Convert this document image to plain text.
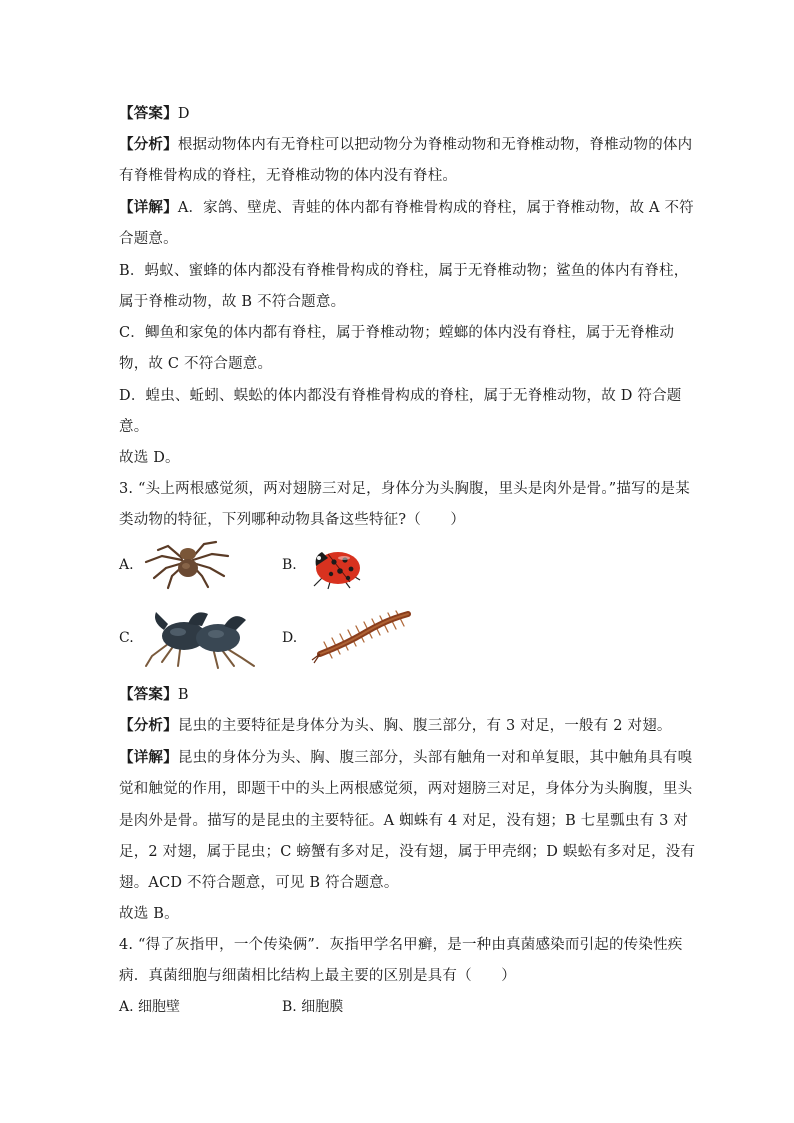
【答案】D
【分析】根据动物体内有无脊柱可以把动物分为脊椎动物和无脊椎动物，脊椎动物的体内
有脊椎骨构成的脊柱，无脊椎动物的体内没有脊柱。
【详解】A．家鸽、壁虎、青蛙的体内都有脊椎骨构成的脊柱，属于脊椎动物，故 A 不符
合题意。
B．蚂蚁、蜜蜂的体内都没有脊椎骨构成的脊柱，属于无脊椎动物；鲨鱼的体内有脊柱，
属于脊椎动物，故 B 不符合题意。
C．鲫鱼和家兔的体内都有脊柱，属于脊椎动物；螳螂的体内没有脊柱，属于无脊椎动
物，故 C 不符合题意。
D．蝗虫、蚯蚓、蜈蚣的体内都没有脊椎骨构成的脊柱，属于无脊椎动物，故 D 符合题
意。
故选 D。
3. “头上两根感觉须，两对翅膀三对足，身体分为头胸腹，里头是肉外是骨。”描写的是某
类动物的特征，下列哪种动物具备这些特征?（　　）
A.	B.
C.	D.
【答案】B
【分析】昆虫的主要特征是身体分为头、胸、腹三部分，有 3 对足，一般有 2 对翅。
【详解】昆虫的身体分为头、胸、腹三部分，头部有触角一对和单复眼，其中触角具有嗅
觉和触觉的作用，即题干中的头上两根感觉须，两对翅膀三对足，身体分为头胸腹，里头
是肉外是骨。描写的是昆虫的主要特征。A 蜘蛛有 4 对足，没有翅；B 七星瓢虫有 3 对
足，2 对翅，属于昆虫；C 螃蟹有多对足，没有翅，属于甲壳纲；D 蜈蚣有多对足，没有
翅。ACD 不符合题意，可见 B 符合题意。
故选 B。
4. “得了灰指甲，一个传染俩”．灰指甲学名甲癣，是一种由真菌感染而引起的传染性疾
病．真菌细胞与细菌相比结构上最主要的区别是具有（　　）
A. 细胞壁	B. 细胞膜
